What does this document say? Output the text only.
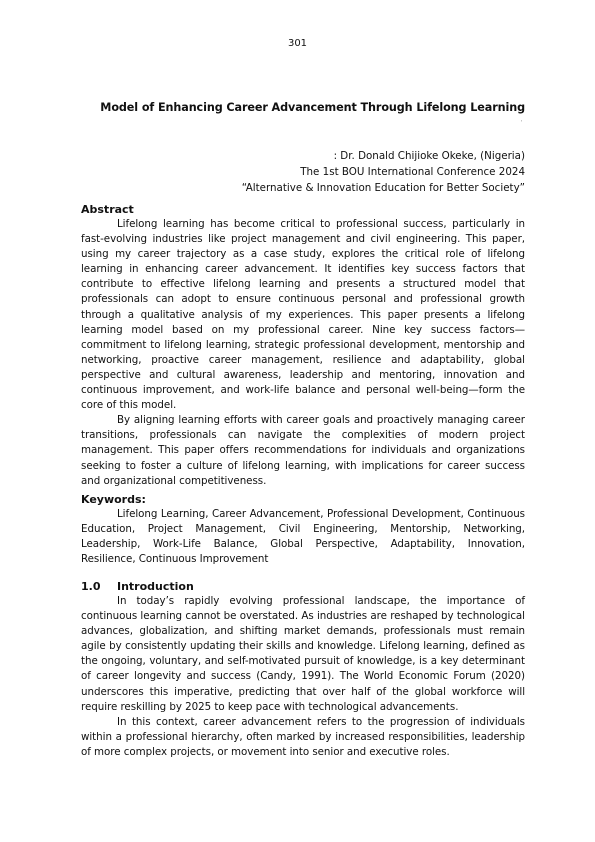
301
Model of Enhancing Career Advancement Through Lifelong Learning
'
: Dr. Donald Chijioke Okeke, (Nigeria)
The 1st BOU International Conference 2024
“Alternative & Innovation Education for Better Society”
Abstract

Lifelong learning has become critical to professional success, particularly in fast-evolving industries like project management and civil engineering. This paper, using my career trajectory as a case study, explores the critical role of lifelong learning in enhancing career advancement. It identifies key success factors that contribute to effective lifelong learning and presents a structured model that professionals can adopt to ensure continuous personal and professional growth through a qualitative analysis of my experiences. This paper presents a lifelong learning model based on my professional career. Nine key success factors—commitment to lifelong learning, strategic professional development, mentorship and networking, proactive career management, resilience and adaptability, global perspective and cultural awareness, leadership and mentoring, innovation and continuous improvement, and work-life balance and personal well-being—form the core of this model.

By aligning learning efforts with career goals and proactively managing career transitions, professionals can navigate the complexities of modern project management. This paper offers recommendations for individuals and organizations seeking to foster a culture of lifelong learning, with implications for career success and organizational competitiveness.

Keywords:

Lifelong Learning, Career Advancement, Professional Development, Continuous Education, Project Management, Civil Engineering, Mentorship, Networking, Leadership, Work-Life Balance, Global Perspective, Adaptability, Innovation, Resilience, Continuous Improvement

1.0 Introduction

In today’s rapidly evolving professional landscape, the importance of continuous learning cannot be overstated. As industries are reshaped by technological advances, globalization, and shifting market demands, professionals must remain agile by consistently updating their skills and knowledge. Lifelong learning, defined as the ongoing, voluntary, and self-motivated pursuit of knowledge, is a key determinant of career longevity and success (Candy, 1991). The World Economic Forum (2020) underscores this imperative, predicting that over half of the global workforce will require reskilling by 2025 to keep pace with technological advancements.

In this context, career advancement refers to the progression of individuals within a professional hierarchy, often marked by increased responsibilities, leadership of more complex projects, or movement into senior and executive roles.
